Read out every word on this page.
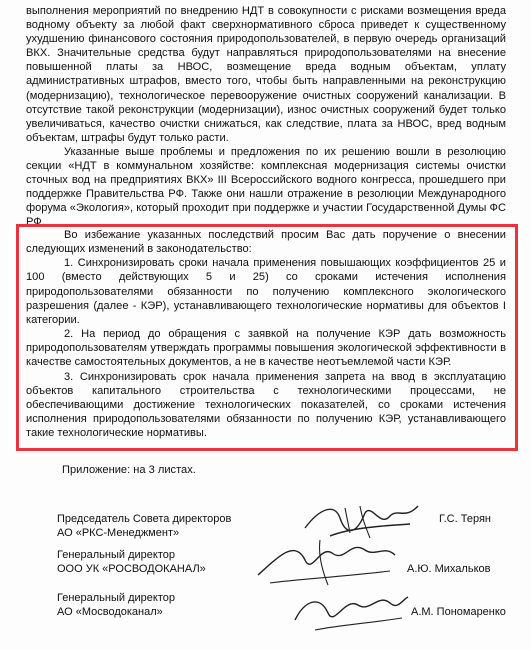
выполнения мероприятий по внедрению НДТ в совокупности с рисками возмещения вреда водному объекту за любой факт сверхнормативного сброса приведет к существенному ухудшению финансового состояния природопользователей, в первую очередь организаций ВКХ. Значительные средства будут направляться природопользователями на внесение повышенной платы за НВОС, возмещение вреда водным объектам, уплату административных штрафов, вместо того, чтобы быть направленными на реконструкцию (модернизацию), технологическое перевооружение очистных сооружений канализации. В отсутствие такой реконструкции (модернизации), износ очистных сооружений будет только увеличиваться, качество очистки снижаться, как следствие, плата за НВОС, вред водным объектам, штрафы будут только расти.

Указанные выше проблемы и предложения по их решению вошли в резолюцию секции «НДТ в коммунальном хозяйстве: комплексная модернизация системы очистки сточных вод на предприятиях ВКХ» III Всероссийского водного конгресса, прошедшего при поддержке Правительства РФ. Также они нашли отражение в резолюции Международного форума «Экология», который проходит при поддержке и участии Государственной Думы ФС РФ.

Во избежание указанных последствий просим Вас дать поручение о внесении следующих изменений в законодательство:

1. Синхронизировать сроки начала применения повышающих коэффициентов 25 и 100 (вместо действующих 5 и 25) со сроками истечения исполнения природопользователями обязанности по получению комплексного экологического разрешения (далее - КЭР), устанавливающего технологические нормативы для объектов I категории.

2. На период до обращения с заявкой на получение КЭР дать возможность природопользователям утверждать программы повышения экологической эффективности в качестве самостоятельных документов, а не в качестве неотъемлемой части КЭР.

3. Синхронизировать срок начала применения запрета на ввод в эксплуатацию объектов капитального строительства с технологическими процессами, не обеспечивающими достижение технологических показателей, со сроками истечения исполнения природопользователями обязанности по получению КЭР, устанавливающего такие технологические нормативы.

Приложение: на 3 листах.
Председатель Совета директоров
АО «РКС-Менеджмент»
Г.С. Терян
Генеральный директор
ООО УК «РОСВОДОКАНАЛ»	А.Ю. Михальков
Генеральный директор
АО «Мосводоканал»	А.М. Пономаренко
